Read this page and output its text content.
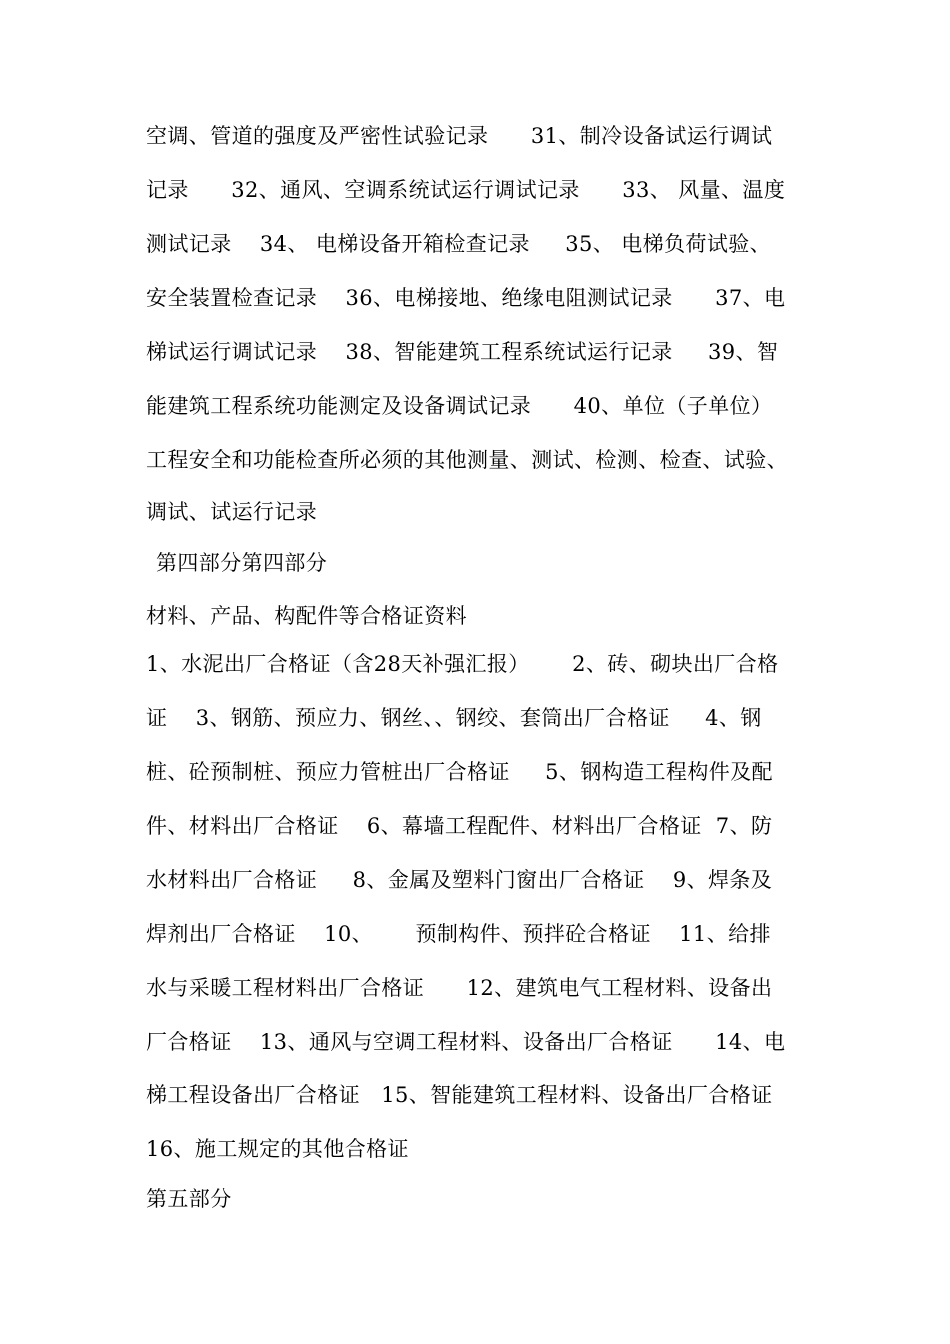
空调、管道的强度及严密性试验记录      31、制冷设备试运行调试
记录      32、通风、空调系统试运行调试记录      33、 风量、温度
测试记录    34、 电梯设备开箱检查记录     35、 电梯负荷试验、
安全装置检查记录    36、电梯接地、绝缘电阻测试记录      37、电
梯试运行调试记录    38、智能建筑工程系统试运行记录     39、智
能建筑工程系统功能测定及设备调试记录      40、单位（子单位）
工程安全和功能检查所必须的其他测量、测试、检测、检查、试验、
调试、试运行记录
第四部分第四部分
材料、产品、构配件等合格证资料
1、水泥出厂合格证（含28天补强汇报）      2、砖、砌块出厂合格
证    3、钢筋、预应力、钢丝、、钢绞、套筒出厂合格证     4、钢
桩、砼预制桩、预应力管桩出厂合格证     5、钢构造工程构件及配
件、材料出厂合格证    6、幕墙工程配件、材料出厂合格证  7、防
水材料出厂合格证     8、金属及塑料门窗出厂合格证    9、焊条及
焊剂出厂合格证    10、      预制构件、预拌砼合格证    11、给排
水与采暖工程材料出厂合格证      12、建筑电气工程材料、设备出
厂合格证    13、通风与空调工程材料、设备出厂合格证      14、电
梯工程设备出厂合格证   15、智能建筑工程材料、设备出厂合格证
16、施工规定的其他合格证
第五部分
